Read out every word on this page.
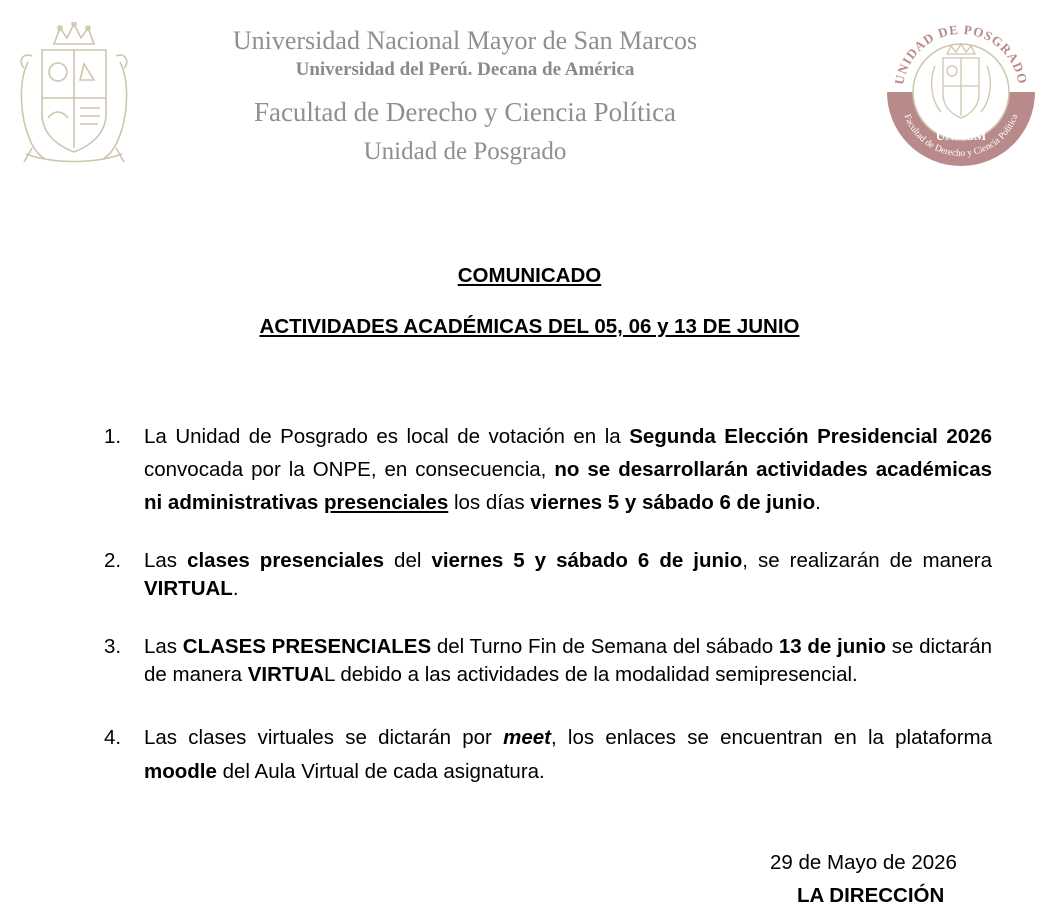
Universidad Nacional Mayor de San Marcos
Universidad del Perú. Decana de América
Facultad de Derecho y Ciencia Política
Unidad de Posgrado
UNIDAD DE POSGRADO
Facultad de Derecho y Ciencia Política
UNMSM
COMUNICADO
ACTIVIDADES ACADÉMICAS DEL 05, 06 y 13 DE JUNIO
1.	La Unidad de Posgrado es local de votación en la Segunda Elección Presidencial 2026 convocada por la ONPE, en consecuencia, no se desarrollarán actividades académicas ni administrativas presenciales los días viernes 5 y sábado 6 de junio.
2.	Las clases presenciales del viernes 5 y sábado 6 de junio, se realizarán de manera VIRTUAL.
3.	Las CLASES PRESENCIALES del Turno Fin de Semana del sábado 13 de junio se dictarán de manera VIRTUAL debido a las actividades de la modalidad semipresencial.
4.	Las clases virtuales se dictarán por meet, los enlaces se encuentran en la plataforma moodle del Aula Virtual de cada asignatura.
29 de Mayo de 2026
LA DIRECCIÓN
